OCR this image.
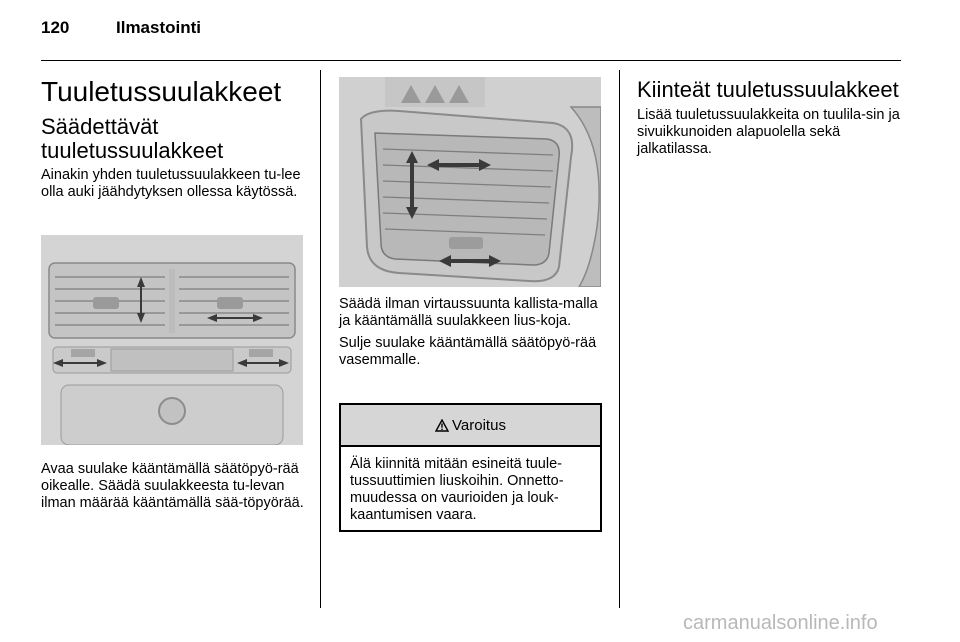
120	Ilmastointi
Tuuletussuulakkeet
Säädettävät tuuletussuulakkeet

Ainakin yhden tuuletussuulakkeen tu-lee olla auki jäähdytyksen ollessa käytössä.

Avaa suulake kääntämällä säätöpyö-rää oikealle. Säädä suulakkeesta tu-levan ilman määrää kääntämällä sää-töpyörää.

Säädä ilman virtaussuunta kallista-malla ja kääntämällä suulakkeen lius-koja.

Sulje suulake kääntämällä säätöpyö-rää vasemmalle.

Varoitus

Älä kiinnitä mitään esineitä tuule-tussuuttimien liuskoihin. Onnetto-muudessa on vaurioiden ja louk-kaantumisen vaara.

Kiinteät tuuletussuulakkeet

Lisää tuuletussuulakkeita on tuulila-sin ja sivuikkunoiden alapuolella sekä jalkatilassa.

carmanualsonline.info
